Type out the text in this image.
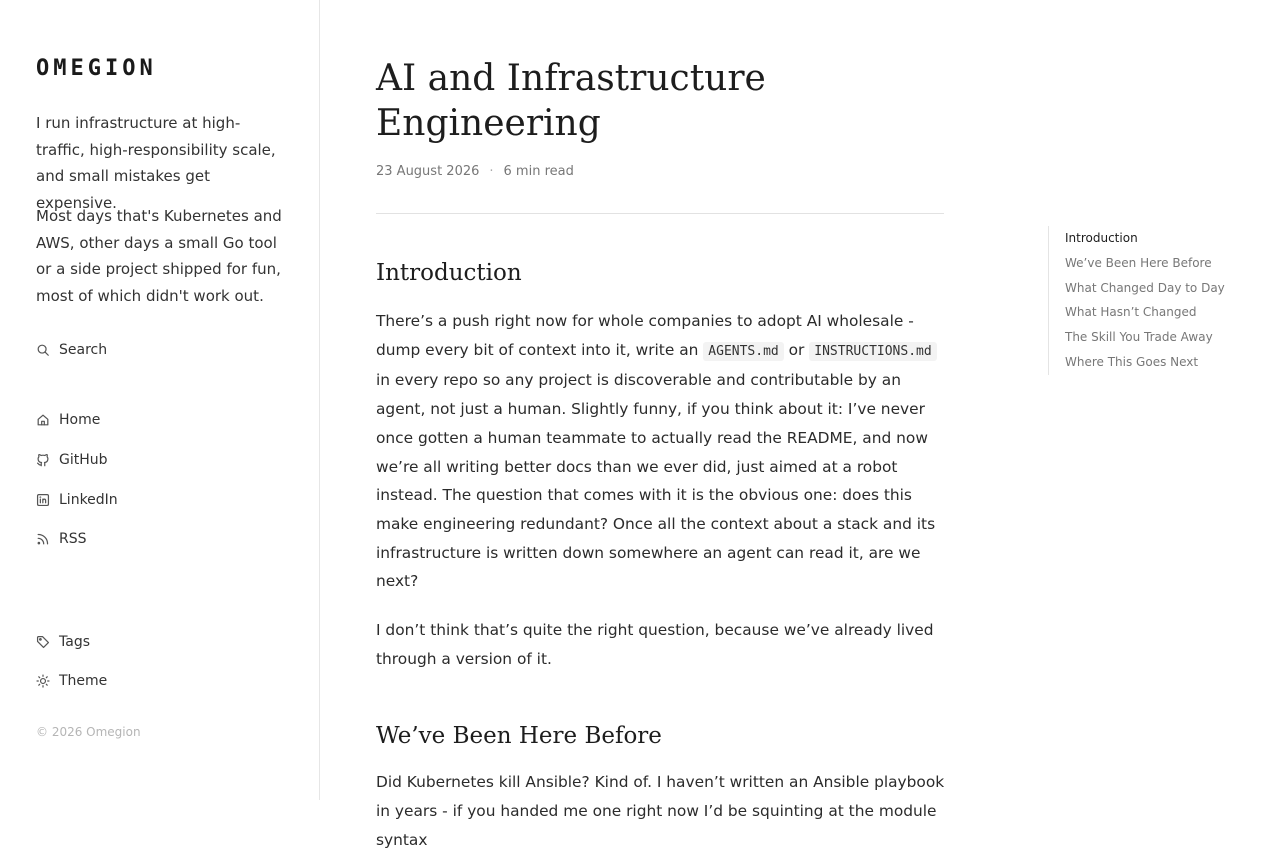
OMEGION

I run infrastructure at high-traffic, high-responsibility scale, and small mistakes get expensive.

Most days that's Kubernetes and AWS, other days a small Go tool or a side project shipped for fun, most of which didn't work out.

Search
Home
GitHub
LinkedIn
RSS
Tags
Theme
© 2026 Omegion
AI and Infrastructure Engineering
23 August 2026 · 6 min read
Introduction

There’s a push right now for whole companies to adopt AI wholesale - dump every bit of context into it, write an AGENTS.md or INSTRUCTIONS.md in every repo so any project is discoverable and contributable by an agent, not just a human. Slightly funny, if you think about it: I’ve never once gotten a human teammate to actually read the README, and now we’re all writing better docs than we ever did, just aimed at a robot instead. The question that comes with it is the obvious one: does this make engineering redundant? Once all the context about a stack and its infrastructure is written down somewhere an agent can read it, are we next?

I don’t think that’s quite the right question, because we’ve already lived through a version of it.

We’ve Been Here Before

Did Kubernetes kill Ansible? Kind of. I haven’t written an Ansible playbook in years - if you handed me one right now I’d be squinting at the module syntax

Introduction
We’ve Been Here Before
What Changed Day to Day
What Hasn’t Changed
The Skill You Trade Away
Where This Goes Next
